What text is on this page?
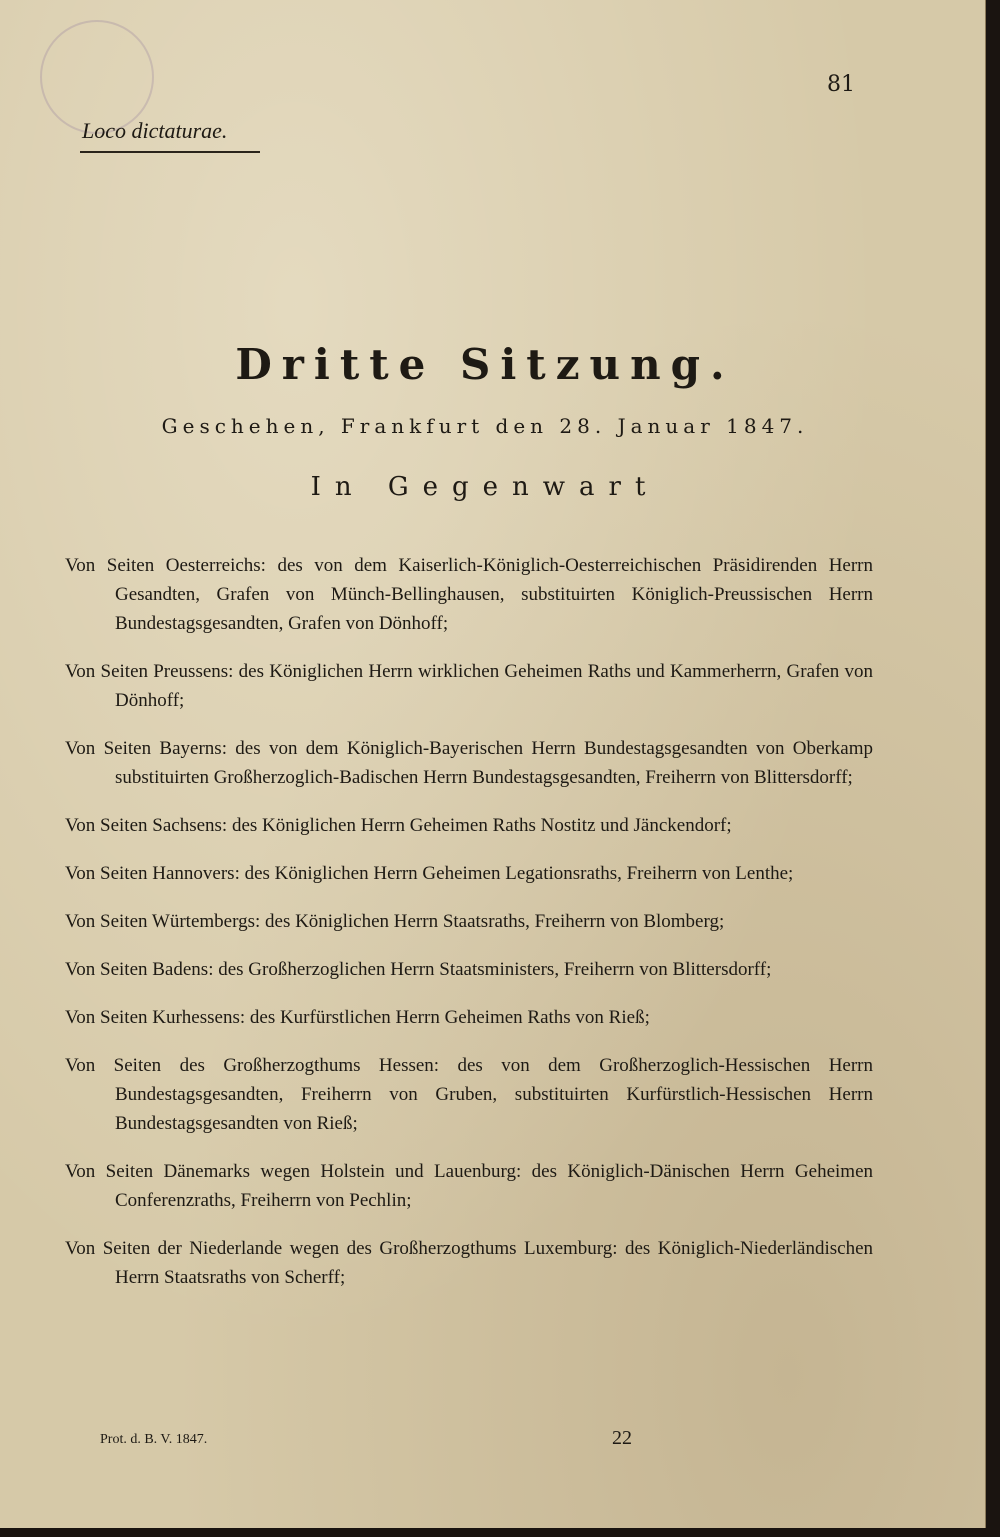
81
Loco dictaturae.
Dritte Sitzung.
Geschehen, Frankfurt den 28. Januar 1847.
In Gegenwart

Von Seiten Oesterreichs: des von dem Kaiserlich-Königlich-Oesterreichischen Präsidirenden Herrn Gesandten, Grafen von Münch-Bellinghausen, substituirten Königlich-Preussischen Herrn Bundestagsgesandten, Grafen von Dönhoff;

Von Seiten Preussens: des Königlichen Herrn wirklichen Geheimen Raths und Kammerherrn, Grafen von Dönhoff;

Von Seiten Bayerns: des von dem Königlich-Bayerischen Herrn Bundestagsgesandten von Oberkamp substituirten Großherzoglich-Badischen Herrn Bundestagsgesandten, Freiherrn von Blittersdorff;

Von Seiten Sachsens: des Königlichen Herrn Geheimen Raths Nostitz und Jänckendorf;

Von Seiten Hannovers: des Königlichen Herrn Geheimen Legationsraths, Freiherrn von Lenthe;

Von Seiten Würtembergs: des Königlichen Herrn Staatsraths, Freiherrn von Blomberg;

Von Seiten Badens: des Großherzoglichen Herrn Staatsministers, Freiherrn von Blittersdorff;

Von Seiten Kurhessens: des Kurfürstlichen Herrn Geheimen Raths von Rieß;

Von Seiten des Großherzogthums Hessen: des von dem Großherzoglich-Hessischen Herrn Bundestagsgesandten, Freiherrn von Gruben, substituirten Kurfürstlich-Hessischen Herrn Bundestagsgesandten von Rieß;

Von Seiten Dänemarks wegen Holstein und Lauenburg: des Königlich-Dänischen Herrn Geheimen Conferenzraths, Freiherrn von Pechlin;

Von Seiten der Niederlande wegen des Großherzogthums Luxemburg: des Königlich-Niederländischen Herrn Staatsraths von Scherff;

Prot. d. B. V. 1847.	22
